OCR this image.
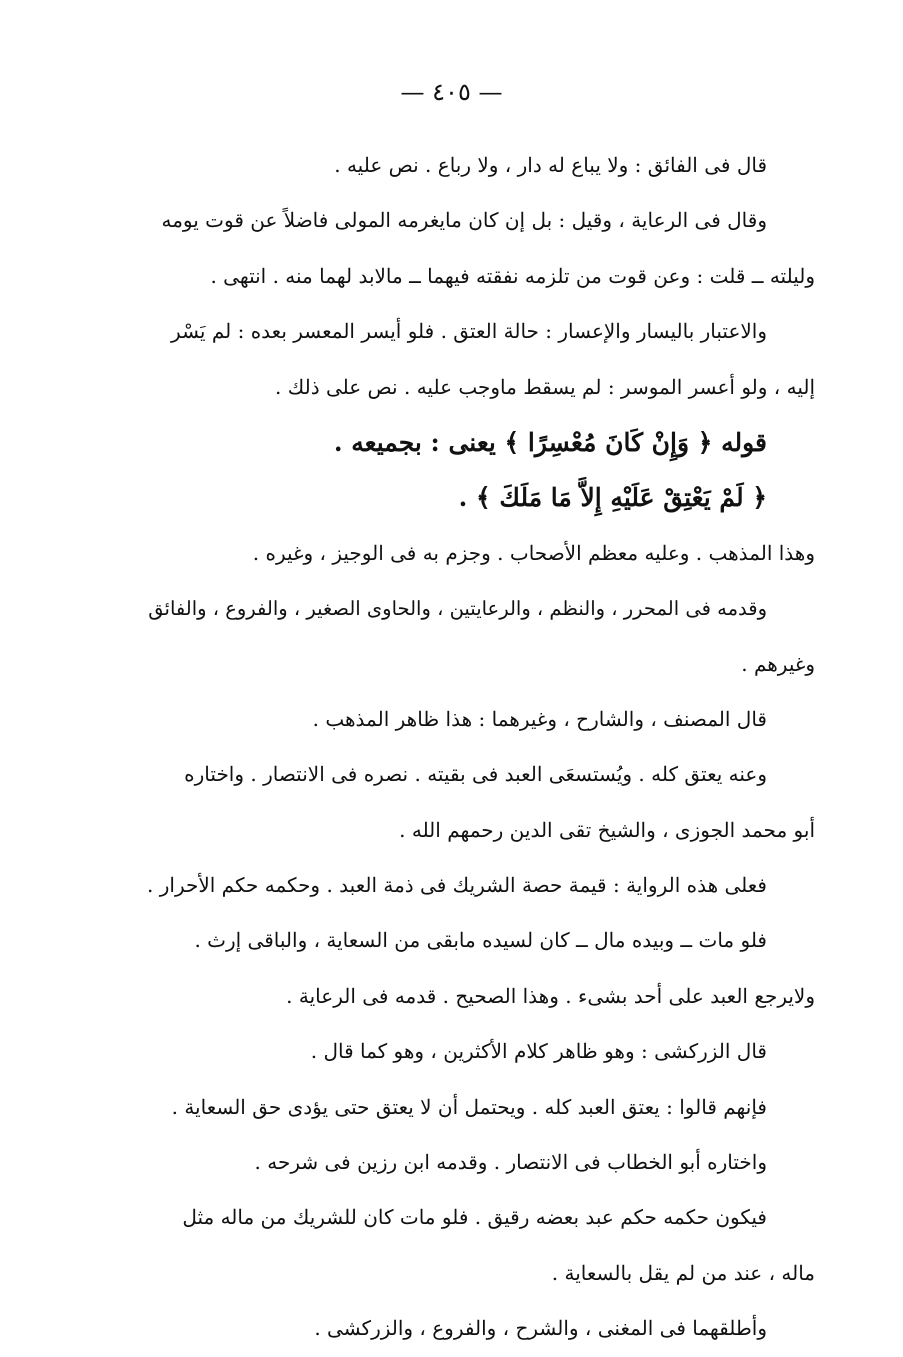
— ٤٠٥ —
قال فى الفائق : ولا يباع له دار ، ولا رباع . نص عليه .
وقال فى الرعاية ، وقيل : بل إن كان مايغرمه المولى فاضلاً عن قوت يومه
وليلته ــ قلت : وعن قوت من تلزمه نفقته فيهما ــ مالابد لهما منه . انتهى .
والاعتبار باليسار والإعسار : حالة العتق . فلو أيسر المعسر بعده : لم يَسْر
إليه ، ولو أعسر الموسر : لم يسقط ماوجب عليه . نص على ذلك .
قوله ﴿ وَإِنْ كَانَ مُعْسِرًا ﴾ يعنى : بجميعه .
﴿ لَمْ يَعْتِقْ عَلَيْهِ إِلاَّ مَا مَلَكَ ﴾ .
وهذا المذهب . وعليه معظم الأصحاب . وجزم به فى الوجيز ، وغيره .
وقدمه فى المحرر ، والنظم ، والرعايتين ، والحاوى الصغير ، والفروع ، والفائق
وغيرهم .
قال المصنف ، والشارح ، وغيرهما : هذا ظاهر المذهب .
وعنه يعتق كله . ويُستسعَى العبد فى بقيته . نصره فى الانتصار . واختاره
أبو محمد الجوزى ، والشيخ تقى الدين رحمهم الله .
فعلى هذه الرواية : قيمة حصة الشريك فى ذمة العبد . وحكمه حكم الأحرار .
فلو مات ــ وبيده مال ــ كان لسيده مابقى من السعاية ، والباقى إرث .
ولايرجع العبد على أحد بشىء . وهذا الصحيح . قدمه فى الرعاية .
قال الزركشى : وهو ظاهر كلام الأكثرين ، وهو كما قال .
فإنهم قالوا : يعتق العبد كله . ويحتمل أن لا يعتق حتى يؤدى حق السعاية .
واختاره أبو الخطاب فى الانتصار . وقدمه ابن رزين فى شرحه .
فيكون حكمه حكم عبد بعضه رقيق . فلو مات كان للشريك من ماله مثل
ماله ، عند من لم يقل بالسعاية .
وأطلقهما فى المغنى ، والشرح ، والفروع ، والزركشى .
